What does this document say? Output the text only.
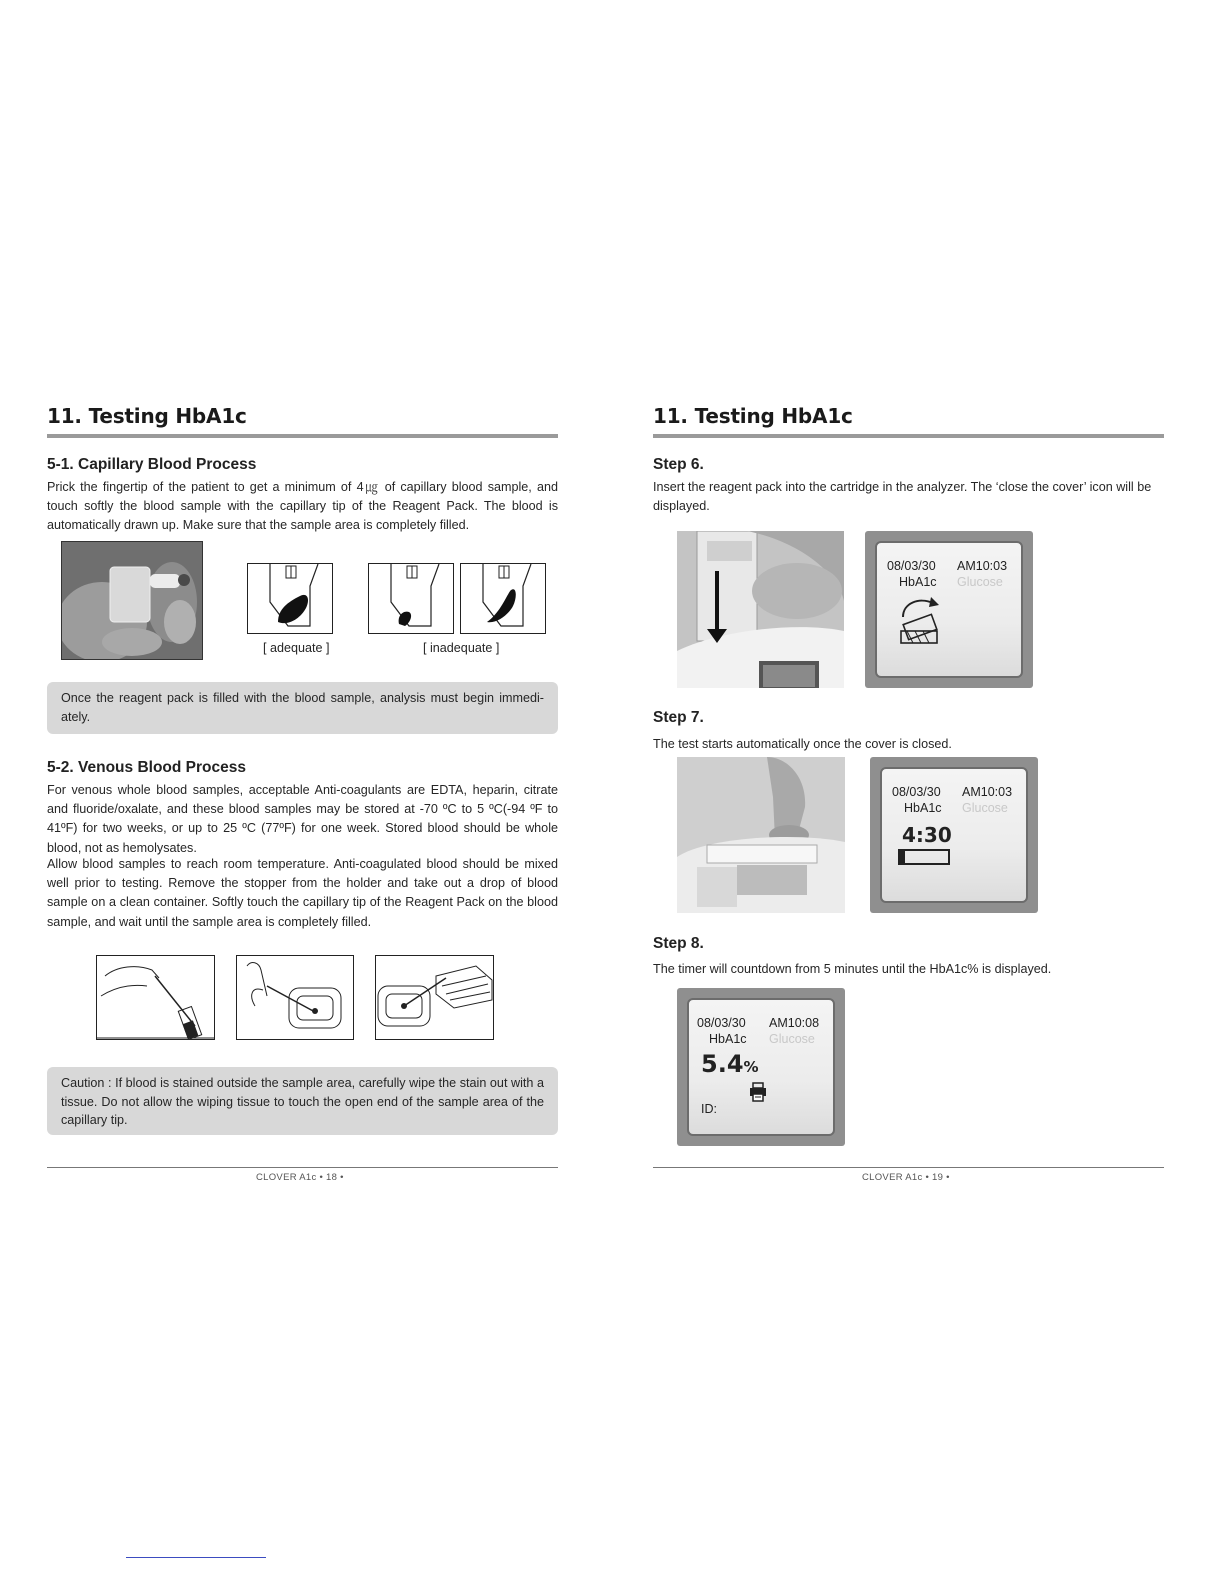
11. Testing HbA1c
5-1. Capillary Blood Process
Prick the fingertip of the patient to get a minimum of 4㎍ of capillary blood sample, and touch softly the blood sample with the capillary tip of the Reagent Pack. The blood is automatically drawn up. Make sure that the sample area is completely filled.
[ adequate ]	[ inadequate ]
Once the reagent pack is filled with the blood sample, analysis must begin immedi-ately.
5-2. Venous Blood Process
For venous whole blood samples, acceptable Anti-coagulants are EDTA, heparin, citrate and fluoride/oxalate, and these blood samples may be stored at -70 ºC to 5 ºC(-94 ºF to 41ºF) for two weeks, or up to 25 ºC (77ºF) for one week. Stored blood should be whole blood, not as hemolysates.
Allow blood samples to reach room temperature. Anti-coagulated blood should be mixed well prior to testing. Remove the stopper from the holder and take out a drop of blood sample on a clean container. Softly touch the capillary tip of the Reagent Pack on the blood sample, and wait until the sample area is completely filled.
Caution : If blood is stained outside the sample area, carefully wipe the stain out with a tissue. Do not allow the wiping tissue to touch the open end of the sample area of the capillary tip.
CLOVER A1c • 18 •
11. Testing HbA1c
Step 6.
Insert the reagent pack into the cartridge in the analyzer. The ‘close the cover’ icon will be displayed.
08/03/30 AM10:03
HbA1c Glucose
Step 7.
The test starts automatically once the cover is closed.
08/03/30 AM10:03
HbA1c Glucose
4:30
Step 8.
The timer will countdown from 5 minutes until the HbA1c% is displayed.
08/03/30 AM10:08
HbA1c Glucose
5.4%
ID:
CLOVER A1c • 19 •
